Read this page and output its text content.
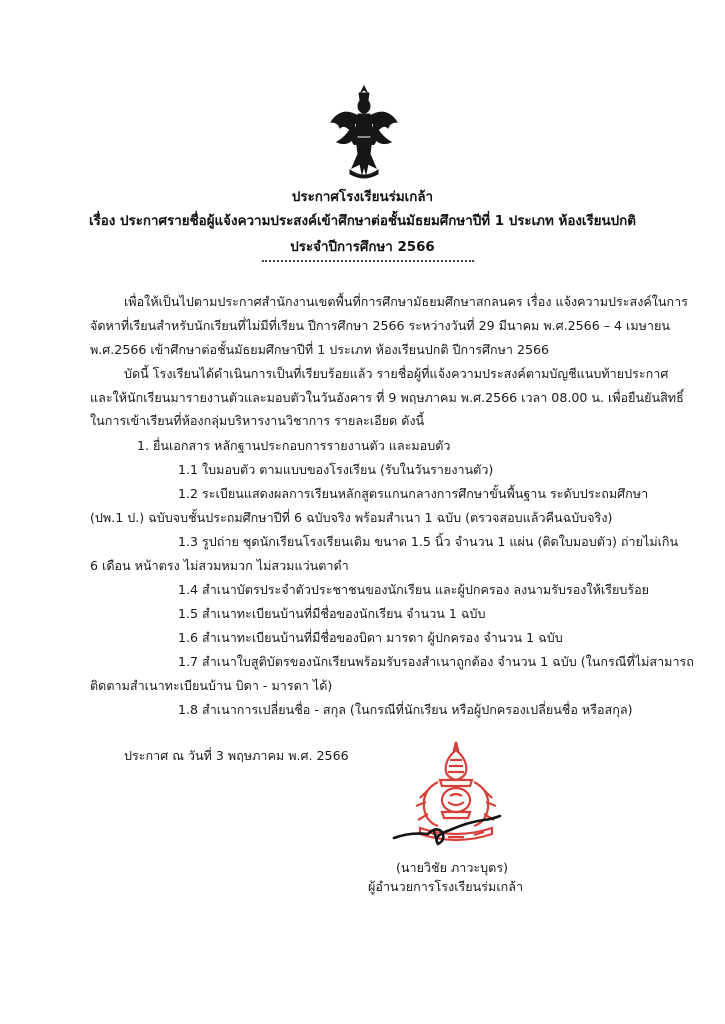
ประกาศโรงเรียนร่มเกล้า
เรื่อง ประกาศรายชื่อผู้แจ้งความประสงค์เข้าศึกษาต่อชั้นมัธยมศึกษาปีที่ 1 ประเภท ห้องเรียนปกติ
ประจำปีการศึกษา 2566
เพื่อให้เป็นไปตามประกาศสำนักงานเขตพื้นที่การศึกษามัธยมศึกษาสกลนคร เรื่อง แจ้งความประสงค์ในการ
จัดหาที่เรียนสำหรับนักเรียนที่ไม่มีที่เรียน ปีการศึกษา 2566 ระหว่างวันที่ 29 มีนาคม พ.ศ.2566 – 4 เมษายน
พ.ศ.2566 เข้าศึกษาต่อชั้นมัธยมศึกษาปีที่ 1 ประเภท ห้องเรียนปกติ ปีการศึกษา 2566
บัดนี้ โรงเรียนได้ดำเนินการเป็นที่เรียบร้อยแล้ว รายชื่อผู้ที่แจ้งความประสงค์ตามบัญชีแนบท้ายประกาศ
และให้นักเรียนมารายงานตัวและมอบตัวในวันอังคาร ที่ 9 พฤษภาคม พ.ศ.2566 เวลา 08.00 น. เพื่อยืนยันสิทธิ์
ในการเข้าเรียนที่ห้องกลุ่มบริหารงานวิชาการ รายละเอียด ดังนี้
1. ยื่นเอกสาร หลักฐานประกอบการรายงานตัว และมอบตัว
1.1 ใบมอบตัว ตามแบบของโรงเรียน (รับในวันรายงานตัว)
1.2 ระเบียนแสดงผลการเรียนหลักสูตรแกนกลางการศึกษาขั้นพื้นฐาน ระดับประถมศึกษา
(ปพ.1 ป.) ฉบับจบชั้นประถมศึกษาปีที่ 6 ฉบับจริง พร้อมสำเนา 1 ฉบับ (ตรวจสอบแล้วคืนฉบับจริง)
1.3 รูปถ่าย ชุดนักเรียนโรงเรียนเดิม ขนาด 1.5 นิ้ว จำนวน 1 แผ่น (ติดใบมอบตัว) ถ่ายไม่เกิน
6 เดือน หน้าตรง ไม่สวมหมวก ไม่สวมแว่นตาดำ
1.4 สำเนาบัตรประจำตัวประชาชนของนักเรียน และผู้ปกครอง ลงนามรับรองให้เรียบร้อย
1.5 สำเนาทะเบียนบ้านที่มีชื่อของนักเรียน จำนวน 1 ฉบับ
1.6 สำเนาทะเบียนบ้านที่มีชื่อของบิดา มารดา ผู้ปกครอง จำนวน 1 ฉบับ
1.7 สำเนาใบสูติบัตรของนักเรียนพร้อมรับรองสำเนาถูกต้อง จำนวน 1 ฉบับ (ในกรณีที่ไม่สามารถ
ติดตามสำเนาทะเบียนบ้าน บิดา - มารดา ได้)
1.8 สำเนาการเปลี่ยนชื่อ - สกุล (ในกรณีที่นักเรียน หรือผู้ปกครองเปลี่ยนชื่อ หรือสกุล)
ประกาศ ณ วันที่ 3 พฤษภาคม พ.ศ. 2566
(นายวิชัย ภาวะบุตร)
ผู้อำนวยการโรงเรียนร่มเกล้า
